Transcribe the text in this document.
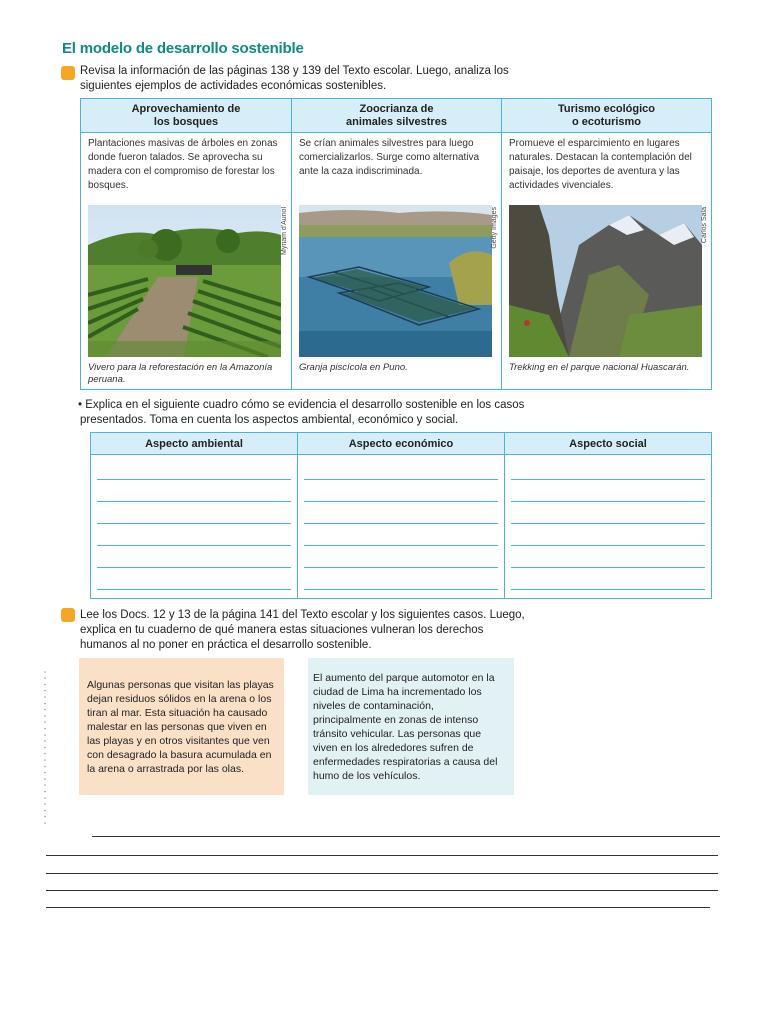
El modelo de desarrollo sostenible
Revisa la información de las páginas 138 y 139 del Texto escolar. Luego, analiza los siguientes ejemplos de actividades económicas sostenibles.
Aprovechamiento de los bosques
Plantaciones masivas de árboles en zonas donde fueron talados. Se aprovecha su madera con el compromiso de forestar los bosques.
Myriam d'Auriol
Vivero para la reforestación en la Amazonía peruana.
Zoocrianza de animales silvestres
Se crían animales silvestres para luego comercializarlos. Surge como alternativa ante la caza indiscriminada.
Getty Images
Granja piscícola en Puno.
Turismo ecológico o ecoturismo
Promueve el esparcimiento en lugares naturales. Destacan la contemplación del paisaje, los deportes de aventura y las actividades vivenciales.
Carlos Sala
Trekking en el parque nacional Huascarán.
• Explica en el siguiente cuadro cómo se evidencia el desarrollo sostenible en los casos presentados. Toma en cuenta los aspectos ambiental, económico y social.
Aspecto ambiental	Aspecto económico	Aspecto social
Lee los Docs. 12 y 13 de la página 141 del Texto escolar y los siguientes casos. Luego, explica en tu cuaderno de qué manera estas situaciones vulneran los derechos humanos al no poner en práctica el desarrollo sostenible.
Algunas personas que visitan las playas dejan residuos sólidos en la arena o los tiran al mar. Esta situación ha causado malestar en las personas que viven en las playas y en otros visitantes que ven con desagrado la basura acumulada en la arena o arrastrada por las olas.
El aumento del parque automotor en la ciudad de Lima ha incrementado los niveles de contaminación, principalmente en zonas de intenso tránsito vehicular. Las personas que viven en los alrededores sufren de enfermedades respiratorias a causa del humo de los vehículos.
▪▪▪▪▪▪▪▪▪▪▪▪▪▪▪▪▪▪▪▪▪▪▪▪▪
